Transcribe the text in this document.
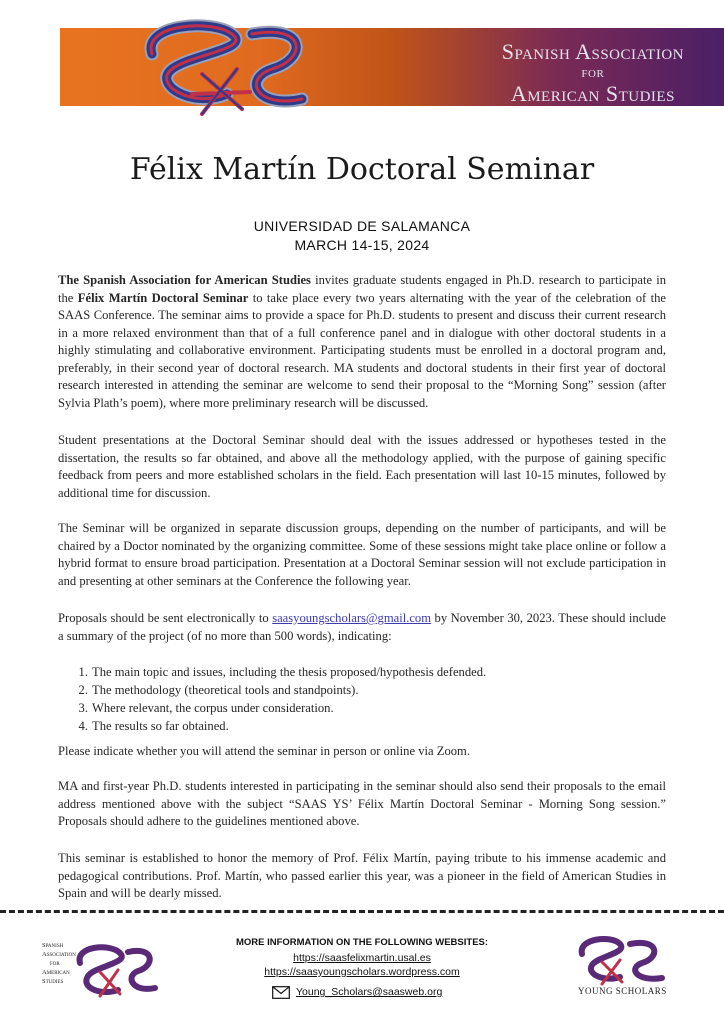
Spanish Association
for
American Studies
Félix Martín Doctoral Seminar
UNIVERSIDAD DE SALAMANCA
MARCH 14-15, 2024

The Spanish Association for American Studies invites graduate students engaged in Ph.D. research to participate in the Félix Martín Doctoral Seminar to take place every two years alternating with the year of the celebration of the SAAS Conference. The seminar aims to provide a space for Ph.D. students to present and discuss their current research in a more relaxed environment than that of a full conference panel and in dialogue with other doctoral students in a highly stimulating and collaborative environment. Participating students must be enrolled in a doctoral program and, preferably, in their second year of doctoral research. MA students and doctoral students in their first year of doctoral research interested in attending the seminar are welcome to send their proposal to the “Morning Song” session (after Sylvia Plath’s poem), where more preliminary research will be discussed.

Student presentations at the Doctoral Seminar should deal with the issues addressed or hypotheses tested in the dissertation, the results so far obtained, and above all the methodology applied, with the purpose of gaining specific feedback from peers and more established scholars in the field. Each presentation will last 10-15 minutes, followed by additional time for discussion.
The Seminar will be organized in separate discussion groups, depending on the number of participants, and will be chaired by a Doctor nominated by the organizing committee. Some of these sessions might take place online or follow a hybrid format to ensure broad participation. Presentation at a Doctoral Seminar session will not exclude participation in and presenting at other seminars at the Conference the following year.

Proposals should be sent electronically to saasyoungscholars@gmail.com by November 30, 2023. These should include a summary of the project (of no more than 500 words), indicating:

1. The main topic and issues, including the thesis proposed/hypothesis defended.
2. The methodology (theoretical tools and standpoints).
3. Where relevant, the corpus under consideration.
4. The results so far obtained.
Please indicate whether you will attend the seminar in person or online via Zoom.
MA and first-year Ph.D. students interested in participating in the seminar should also send their proposals to the email address mentioned above with the subject “SAAS YS’ Félix Martín Doctoral Seminar - Morning Song session.” Proposals should adhere to the guidelines mentioned above.
This seminar is established to honor the memory of Prof. Félix Martín, paying tribute to his immense academic and pedagogical contributions. Prof. Martín, who passed earlier this year, was a pioneer in the field of American Studies in Spain and will be dearly missed.
Spanish
Association
for
American
Studies
MORE INFORMATION ON THE FOLLOWING WEBSITES:
https://saasfelixmartin.usal.es
https://saasyoungscholars.wordpress.com
Young_Scholars@saasweb.org	YOUNG SCHOLARS
